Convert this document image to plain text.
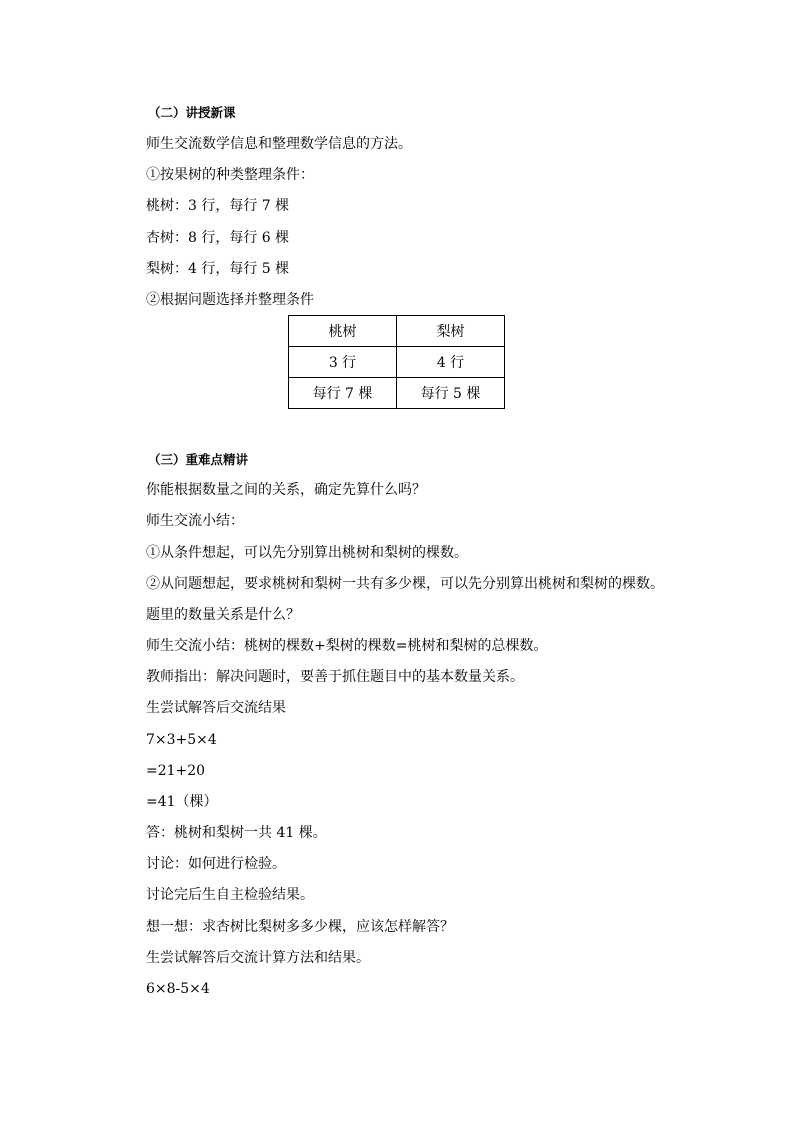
（二）讲授新课
师生交流数学信息和整理数学信息的方法。
①按果树的种类整理条件：
桃树：3 行，每行 7 棵
杏树：8 行，每行 6 棵
梨树：4 行，每行 5 棵
②根据问题选择并整理条件
桃树	梨树
3 行	4 行
每行 7 棵	每行 5 棵
（三）重难点精讲
你能根据数量之间的关系，确定先算什么吗？
师生交流小结：
①从条件想起，可以先分别算出桃树和梨树的棵数。
②从问题想起，要求桃树和梨树一共有多少棵，可以先分别算出桃树和梨树的棵数。
题里的数量关系是什么？
师生交流小结：桃树的棵数+梨树的棵数=桃树和梨树的总棵数。
教师指出：解决问题时，要善于抓住题目中的基本数量关系。
生尝试解答后交流结果
7×3+5×4
=21+20
=41（棵）
答：桃树和梨树一共 41 棵。
讨论：如何进行检验。
讨论完后生自主检验结果。
想一想：求杏树比梨树多多少棵，应该怎样解答？
生尝试解答后交流计算方法和结果。
6×8-5×4
